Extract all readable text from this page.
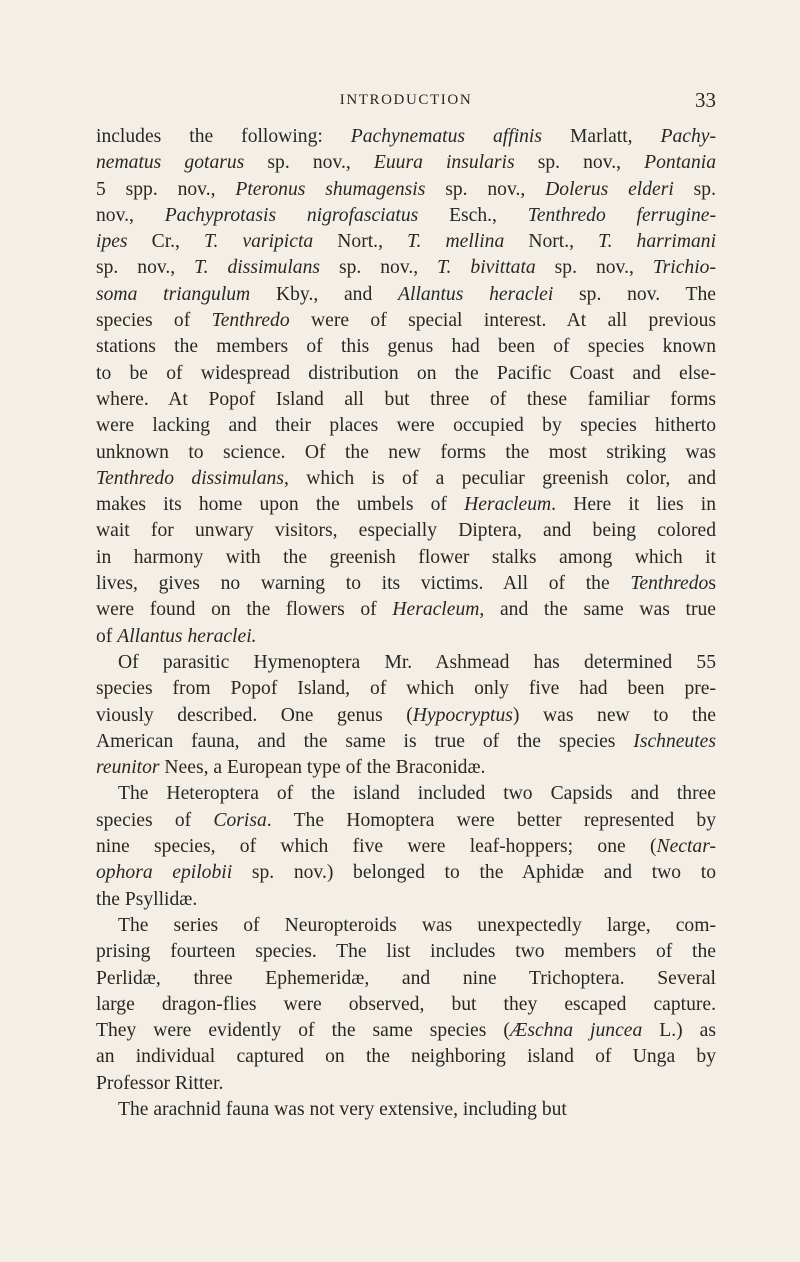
INTRODUCTION	33
includes the following: Pachynematus affinis Marlatt, Pachy-
nematus gotarus sp. nov., Euura insularis sp. nov., Pontania
5 spp. nov., Pteronus shumagensis sp. nov., Dolerus elderi sp.
nov., Pachyprotasis nigrofasciatus Esch., Tenthredo ferrugine-
ipes Cr., T. varipicta Nort., T. mellina Nort., T. harrimani
sp. nov., T. dissimulans sp. nov., T. bivittata sp. nov., Trichio-
soma triangulum Kby., and Allantus heraclei sp. nov. The
species of Tenthredo were of special interest. At all previous
stations the members of this genus had been of species known
to be of widespread distribution on the Pacific Coast and else-
where. At Popof Island all but three of these familiar forms
were lacking and their places were occupied by species hitherto
unknown to science. Of the new forms the most striking was
Tenthredo dissimulans, which is of a peculiar greenish color, and
makes its home upon the umbels of Heracleum. Here it lies in
wait for unwary visitors, especially Diptera, and being colored
in harmony with the greenish flower stalks among which it
lives, gives no warning to its victims. All of the Tenthredos
were found on the flowers of Heracleum, and the same was true
of Allantus heraclei.
Of parasitic Hymenoptera Mr. Ashmead has determined 55
species from Popof Island, of which only five had been pre-
viously described. One genus (Hypocryptus) was new to the
American fauna, and the same is true of the species Ischneutes
reunitor Nees, a European type of the Braconidæ.
The Heteroptera of the island included two Capsids and three
species of Corisa. The Homoptera were better represented by
nine species, of which five were leaf-hoppers; one (Nectar-
ophora epilobii sp. nov.) belonged to the Aphidæ and two to
the Psyllidæ.
The series of Neuropteroids was unexpectedly large, com-
prising fourteen species. The list includes two members of the
Perlidæ, three Ephemeridæ, and nine Trichoptera. Several
large dragon-flies were observed, but they escaped capture.
They were evidently of the same species (Æschna juncea L.) as
an individual captured on the neighboring island of Unga by
Professor Ritter.
The arachnid fauna was not very extensive, including but
